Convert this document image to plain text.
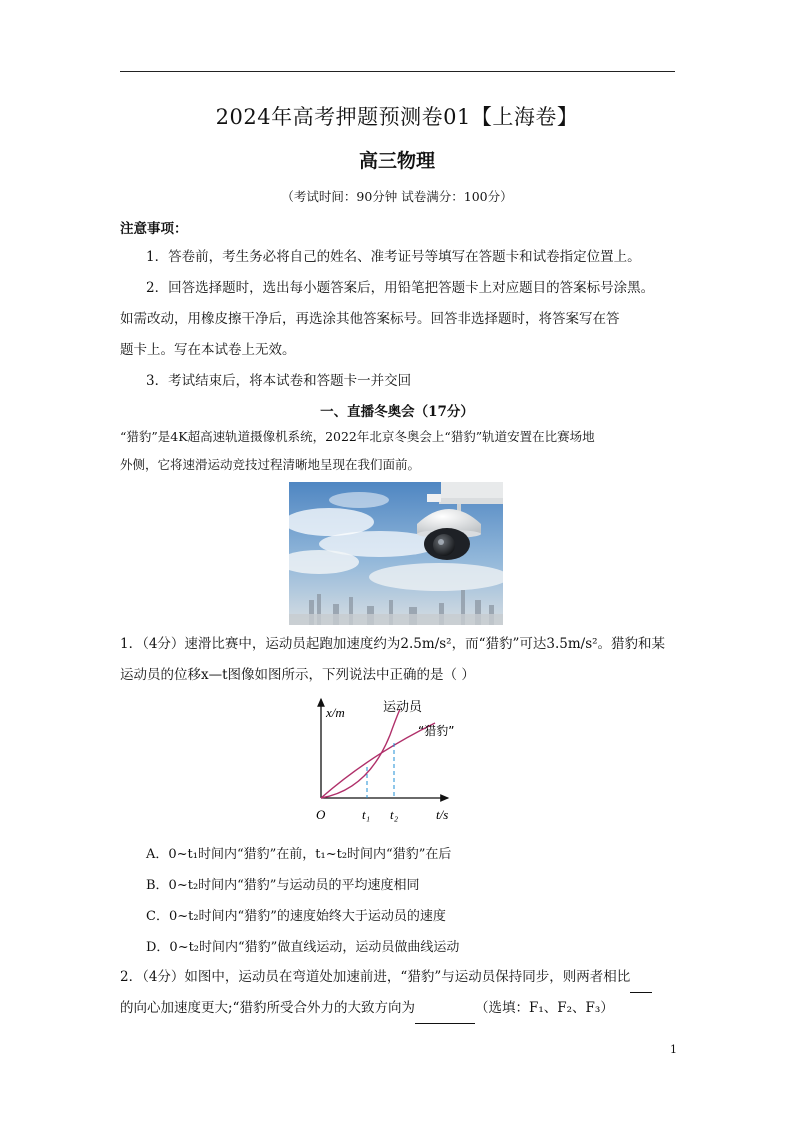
2024年高考押题预测卷01【上海卷】
高三物理
（考试时间：90分钟 试卷满分：100分）
注意事项：
1．答卷前，考生务必将自己的姓名、准考证号等填写在答题卡和试卷指定位置上。
2．回答选择题时，选出每小题答案后，用铅笔把答题卡上对应题目的答案标号涂黑。
如需改动，用橡皮擦干净后，再选涂其他答案标号。回答非选择题时，将答案写在答
题卡上。写在本试卷上无效。
3．考试结束后，将本试卷和答题卡一并交回
一、直播冬奥会（17分）
“猎豹”是4K超高速轨道摄像机系统，2022年北京冬奥会上“猎豹”轨道安置在比赛场地
外侧，它将速滑运动竞技过程清晰地呈现在我们面前。
1．（4分）速滑比赛中，运动员起跑加速度约为2.5m/s²，而“猎豹”可达3.5m/s²。猎豹和某
运动员的位移x—t图像如图所示，下列说法中正确的是（ ）
x/m
O	t₁ t₂	t/s
运动员
“猎豹”
A．0~t₁时间内“猎豹”在前，t₁~t₂时间内“猎豹”在后
B．0~t₂时间内“猎豹”与运动员的平均速度相同
C．0~t₂时间内“猎豹”的速度始终大于运动员的速度
D．0~t₂时间内“猎豹”做直线运动，运动员做曲线运动
2．（4分）如图中，运动员在弯道处加速前进，“猎豹”与运动员保持同步，则两者相比
的向心加速度更大;“猎豹所受合外力的大致方向为	（选填：F₁、F₂、F₃）
1
